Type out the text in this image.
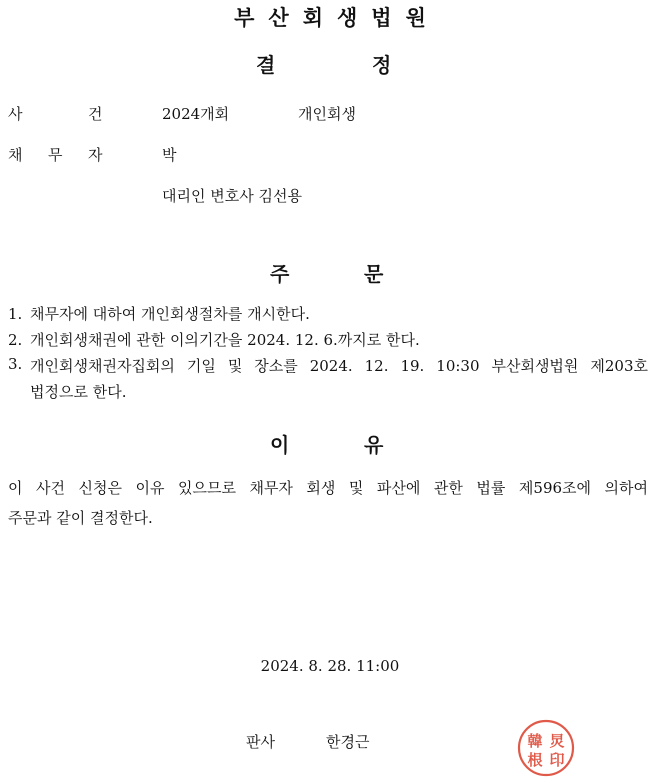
부산회생법원
결	정
사	건	2024개회	개인회생
채 무 자	박
대리인 변호사 김선용
주	문
1. 채무자에 대하여 개인회생절차를 개시한다.
2. 개인회생채권에 관한 이의기간을 2024. 12. 6.까지로 한다.
3. 개인회생채권자집회의 기일 및 장소를 2024. 12. 19. 10:30 부산회생법원 제203호
법정으로 한다.
이	유
이 사건 신청은 이유 있으므로 채무자 회생 및 파산에 관한 법률 제596조에 의하여
주문과 같이 결정한다.
2024. 8. 28. 11:00
판사	한경근	韓 炅
根 印
